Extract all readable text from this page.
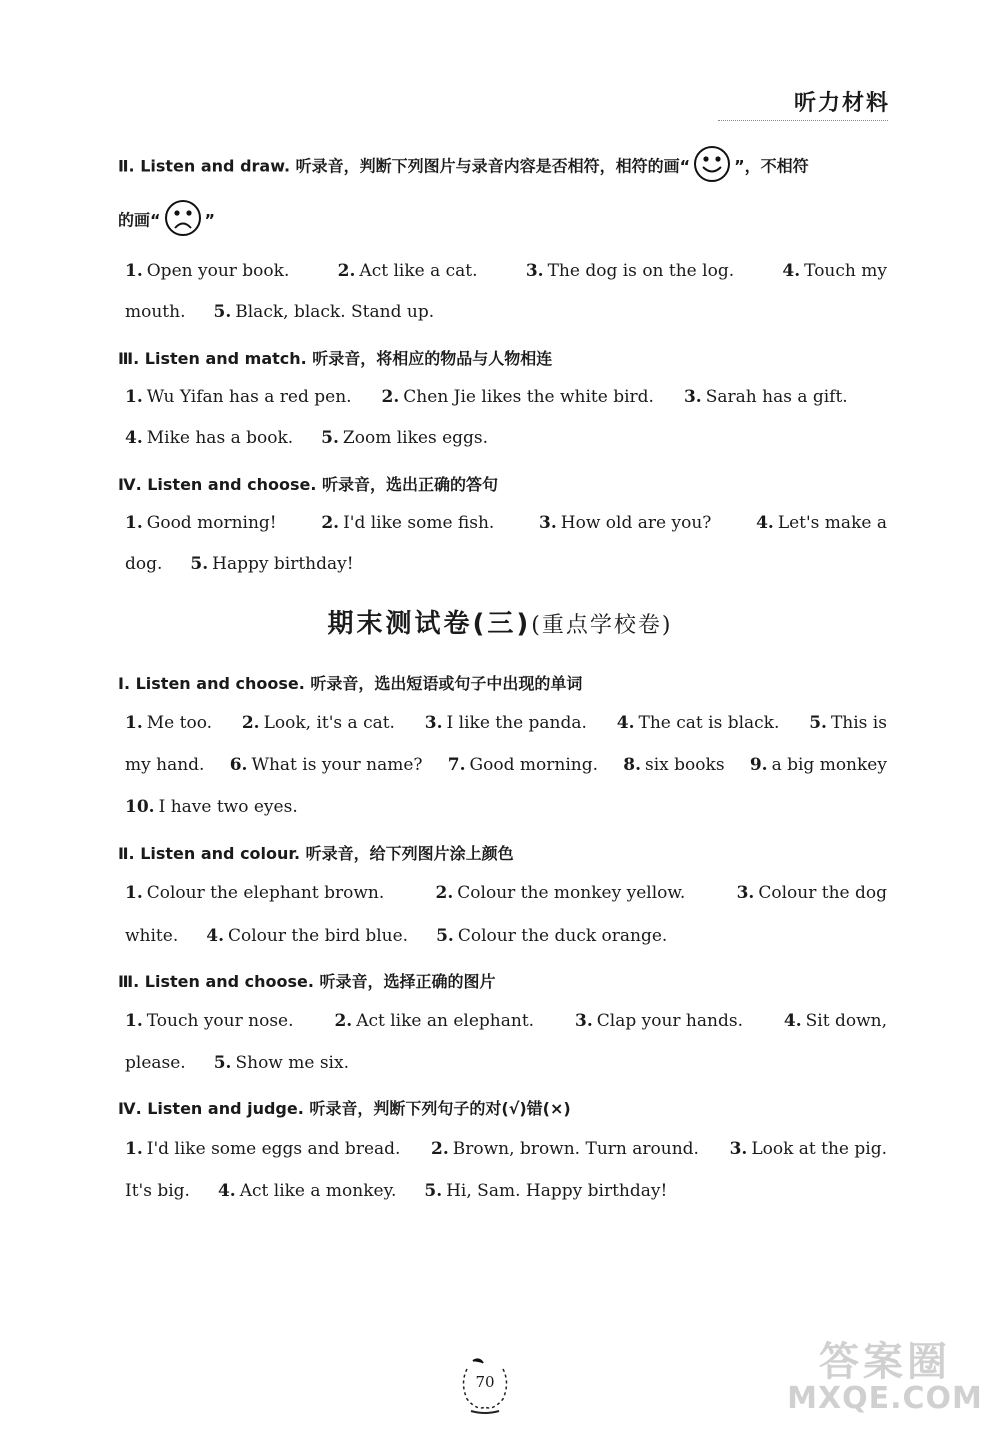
听力材料
Ⅱ. Listen and draw. 听录音，判断下列图片与录音内容是否相符，相符的画“	”，不相符
的画“	”
1. Open your book.	2. Act like a cat.	3. The dog is on the log.	4. Touch my
mouth. 5. Black, black. Stand up.
Ⅲ. Listen and match. 听录音，将相应的物品与人物相连
1. Wu Yifan has a red pen. 2. Chen Jie likes the white bird. 3. Sarah has a gift.
4. Mike has a book. 5. Zoom likes eggs.
Ⅳ. Listen and choose. 听录音，选出正确的答句
1. Good morning!	2. I'd like some fish.	3. How old are you?	4. Let's make a
dog. 5. Happy birthday!
期末测试卷(三)(重点学校卷)
Ⅰ. Listen and choose. 听录音，选出短语或句子中出现的单词
1. Me too. 2. Look, it's a cat. 3. I like the panda. 4. The cat is black. 5. This is
my hand. 6. What is your name? 7. Good morning. 8. six books 9. a big monkey
10. I have two eyes.
Ⅱ. Listen and colour. 听录音，给下列图片涂上颜色
1. Colour the elephant brown.	2. Colour the monkey yellow.	3. Colour the dog
white. 4. Colour the bird blue. 5. Colour the duck orange.
Ⅲ. Listen and choose. 听录音，选择正确的图片
1. Touch your nose. 2. Act like an elephant. 3. Clap your hands. 4. Sit down,
please. 5. Show me six.
Ⅳ. Listen and judge. 听录音，判断下列句子的对(√)错(×)
1. I'd like some eggs and bread. 2. Brown, brown. Turn around. 3. Look at the pig.
It's big. 4. Act like a monkey. 5. Hi, Sam. Happy birthday!
70	答案圈
MXQE.COM
